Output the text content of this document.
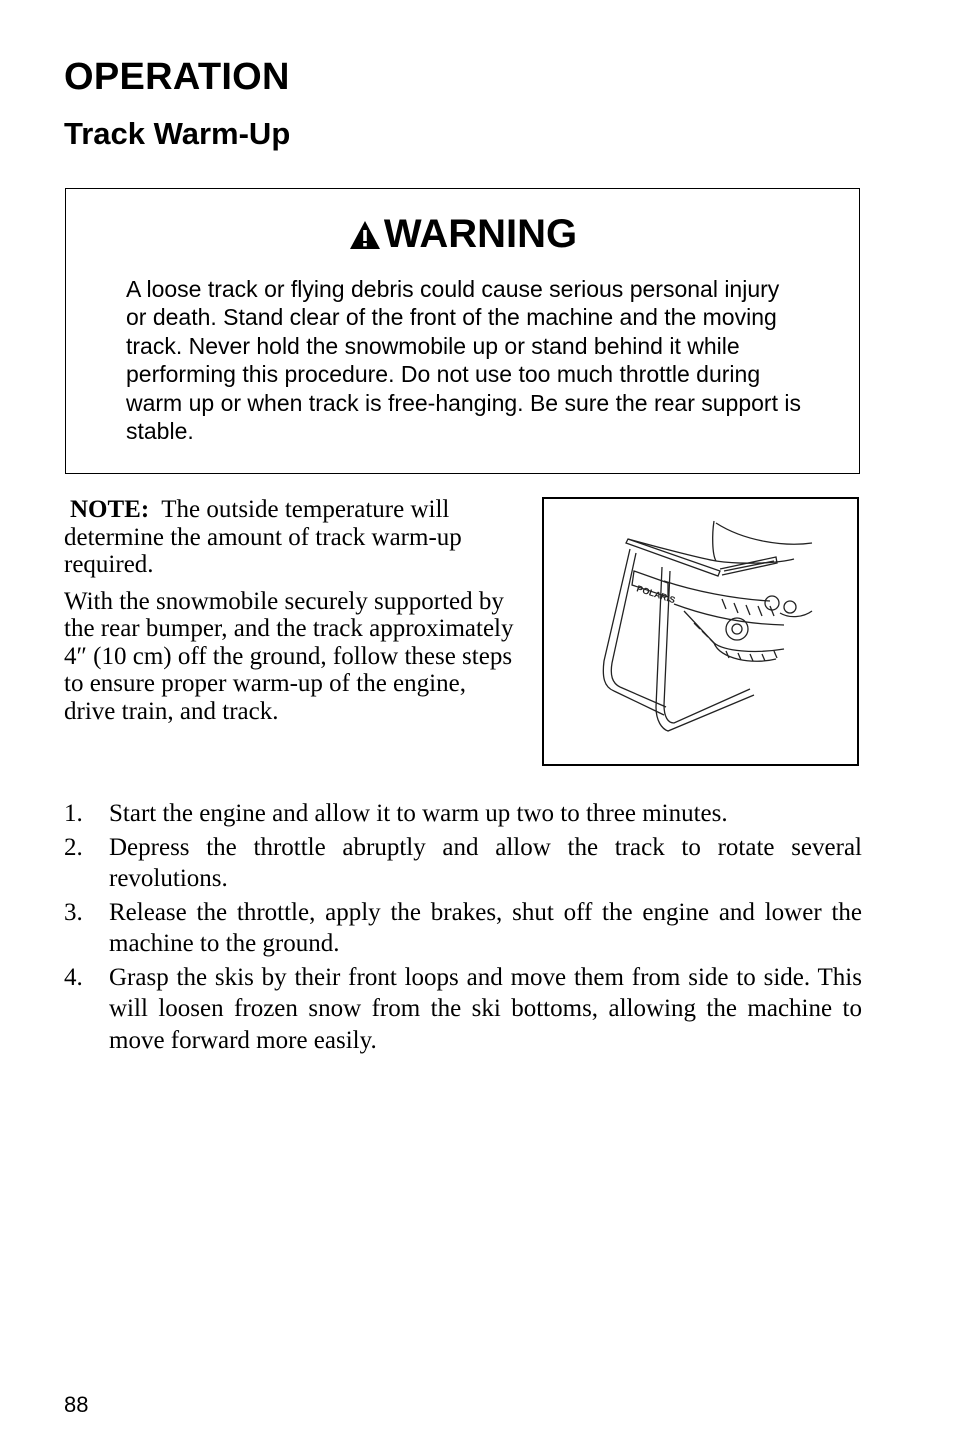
OPERATION
Track Warm-Up
WARNING

A loose track or flying debris could cause serious personal injury or death. Stand clear of the front of the machine and the moving track. Never hold the snowmobile up or stand behind it while performing this procedure. Do not use too much throttle during warm up or when track is free-hanging. Be sure the rear support is stable.

NOTE: The outside temperature will determine the amount of track warm-up required.

With the snowmobile securely supported by the rear bumper, and the track approximately 4″ (10 cm) off the ground, follow these steps to ensure proper warm-up of the engine, drive train, and track.

POLARIS
1. Start the engine and allow it to warm up two to three minutes.
2. Depress the throttle abruptly and allow the track to rotate several revolutions.
3. Release the throttle, apply the brakes, shut off the engine and lower the machine to the ground.
4. Grasp the skis by their front loops and move them from side to side. This will loosen frozen snow from the ski bottoms, allowing the machine to move forward more easily.
88
